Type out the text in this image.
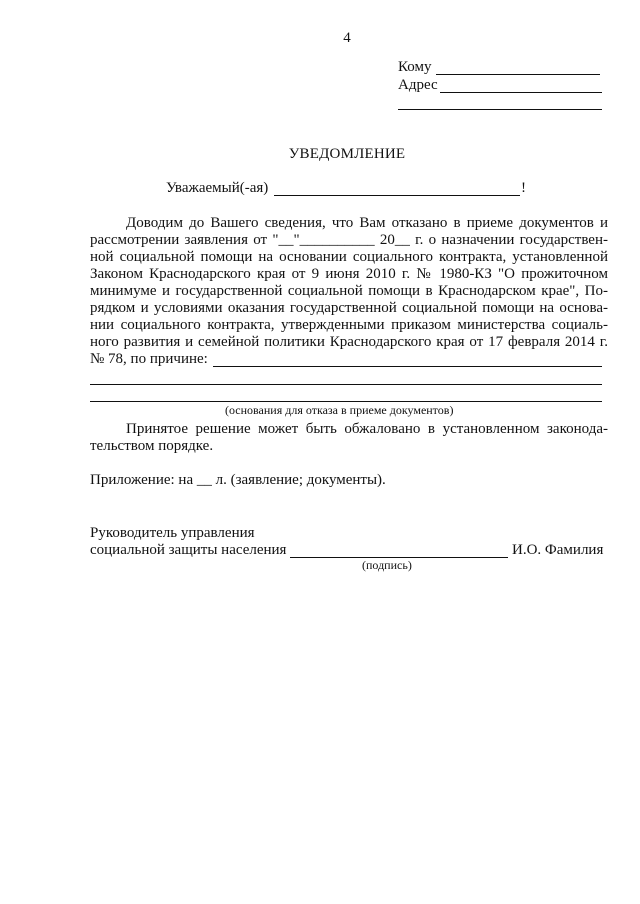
4
Кому
Адрес
УВЕДОМЛЕНИЕ
Уважаемый(-ая)	!
Доводим до Вашего сведения, что Вам отказано в приеме документов и
рассмотрении заявления от "__"__________ 20__ г. о назначении государствен-
ной социальной помощи на основании социального контракта, установленной
Законом Краснодарского края от 9 июня 2010 г. № 1980-КЗ "О прожиточном
минимуме и государственной социальной помощи в Краснодарском крае", По-
рядком и условиями оказания государственной социальной помощи на основа-
нии социального контракта, утвержденными приказом министерства социаль-
ного развития и семейной политики Краснодарского края от 17 февраля 2014 г.
№ 78, по причине:
(основания для отказа в приеме документов)
Принятое решение может быть обжаловано в установленном законода-
тельством порядке.
Приложение: на __ л. (заявление; документы).
Руководитель управления
социальной защиты населения	И.О. Фамилия
(подпись)
